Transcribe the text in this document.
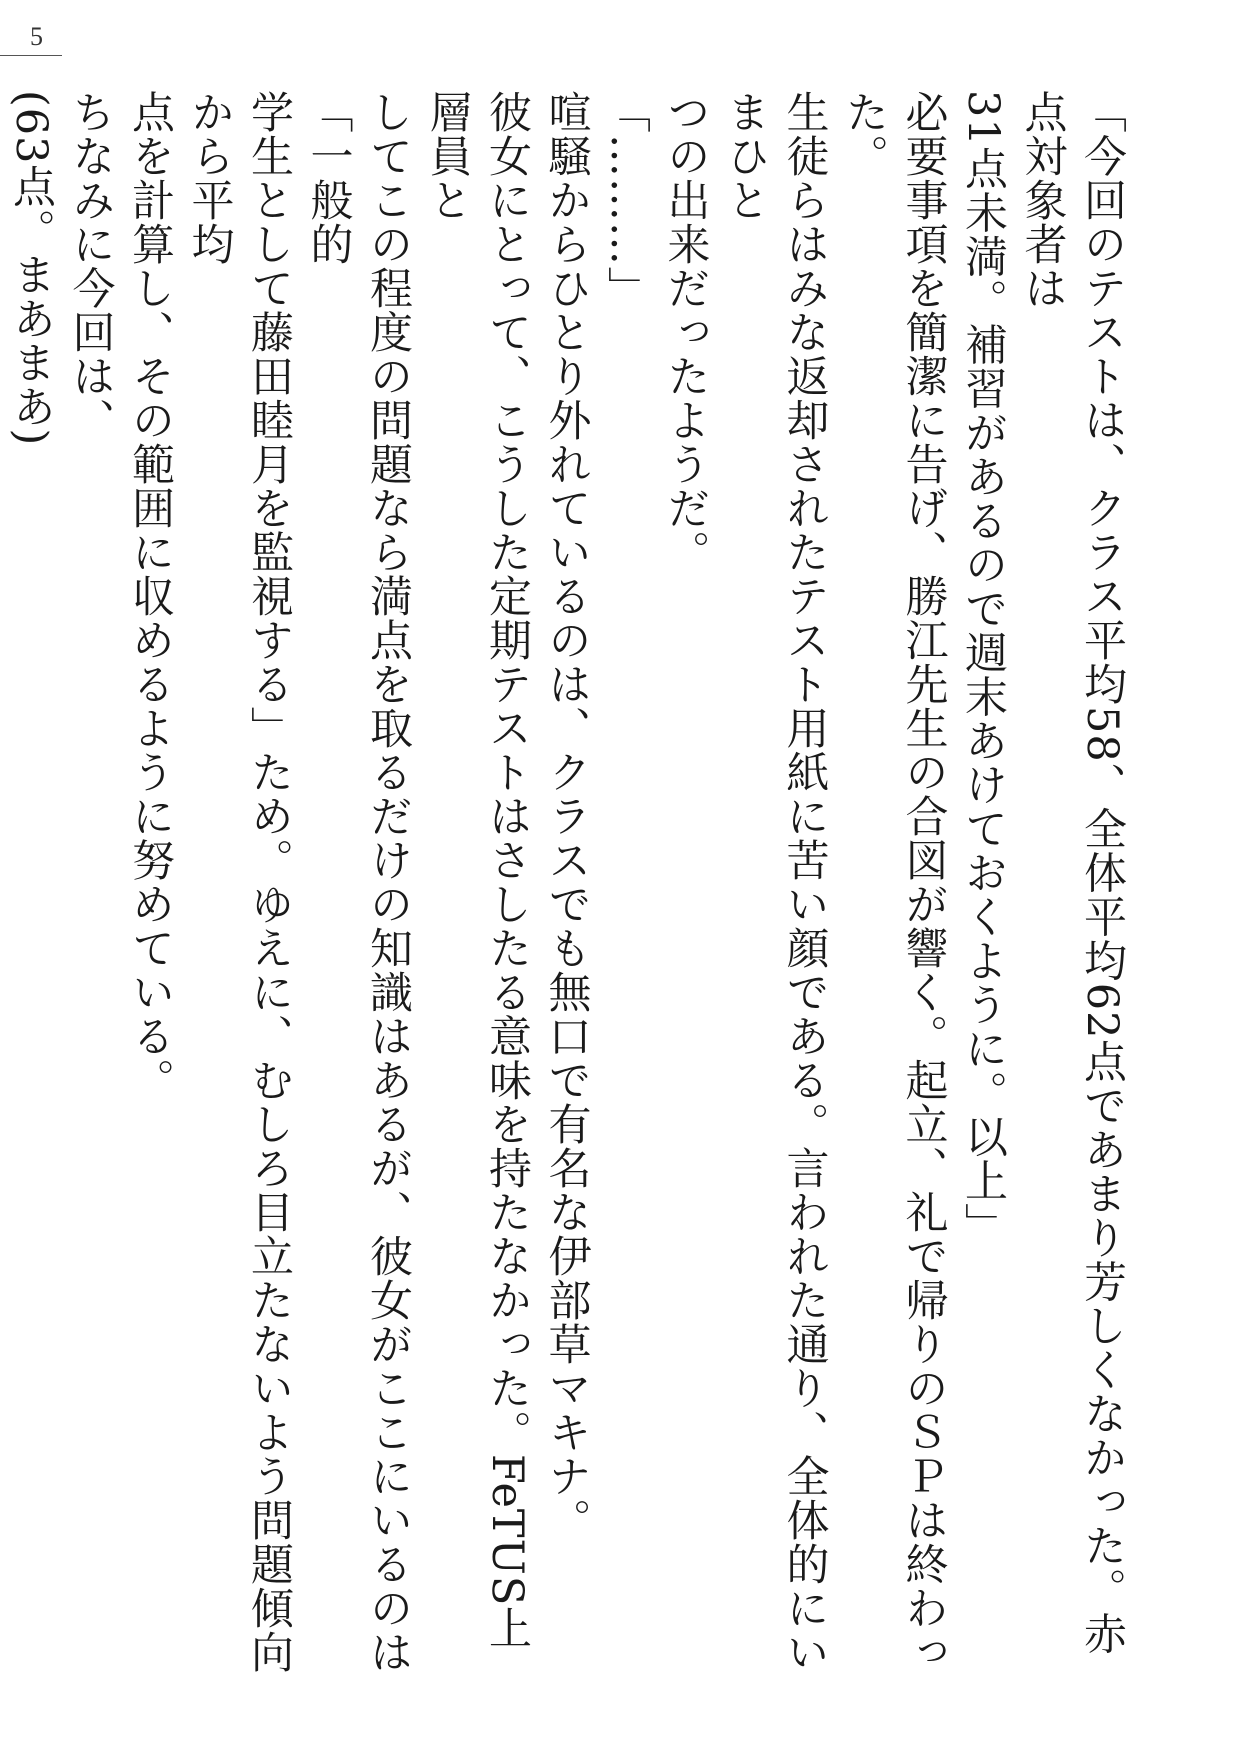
5

「今回のテストは、クラス平均58、全体平均62点であまり芳しくなかった。赤点対象者は

31点未満。補習があるので週末あけておくように。以上」

必要事項を簡潔に告げ、勝江先生の合図が響く。起立、礼で帰りのＳＰは終わった。

生徒らはみな返却されたテスト用紙に苦い顔である。言われた通り、全体的にいまひと

つの出来だったようだ。

「………」

喧騒からひとり外れているのは、クラスでも無口で有名な伊部草マキナ。

彼女にとって、こうした定期テストはさしたる意味を持たなかった。FeTUS上層員と

してこの程度の問題なら満点を取るだけの知識はあるが、彼女がここにいるのは「一般的

学生として藤田睦月を監視する」ため。ゆえに、むしろ目立たないよう問題傾向から平均

点を計算し、その範囲に収めるように努めている。

ちなみに今回は、

(63点。まあまあ)
